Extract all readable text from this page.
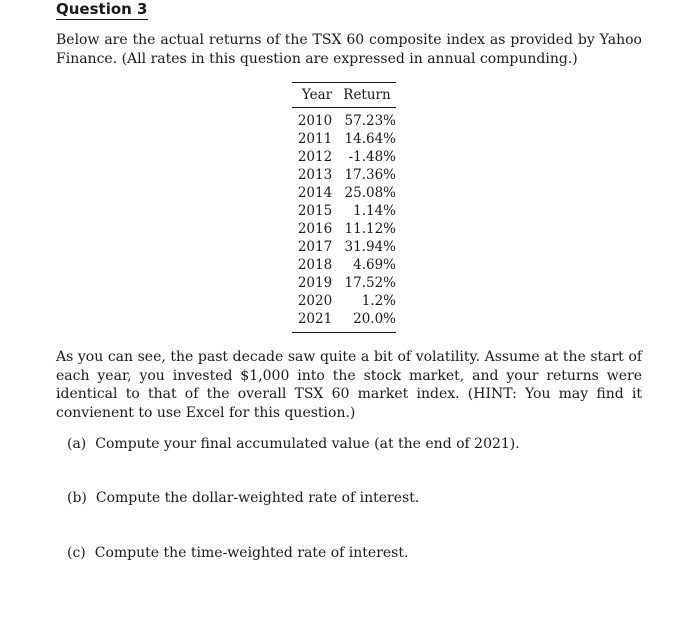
Question 3
Below are the actual returns of the TSX 60 composite index as provided by Yahoo Finance. (All rates in this question are expressed in annual compunding.)
Year	Return
2010	57.23%
2011	14.64%
2012	-1.48%
2013	17.36%
2014	25.08%
2015	1.14%
2016	11.12%
2017	31.94%
2018	4.69%
2019	17.52%
2020	1.2%
2021	20.0%
As you can see, the past decade saw quite a bit of volatility. Assume at the start of each year, you invested $1,000 into the stock market, and your returns were identical to that of the overall TSX 60 market index. (HINT: You may find it convienent to use Excel for this question.)
(a) Compute your final accumulated value (at the end of 2021).
(b) Compute the dollar-weighted rate of interest.
(c) Compute the time-weighted rate of interest.
